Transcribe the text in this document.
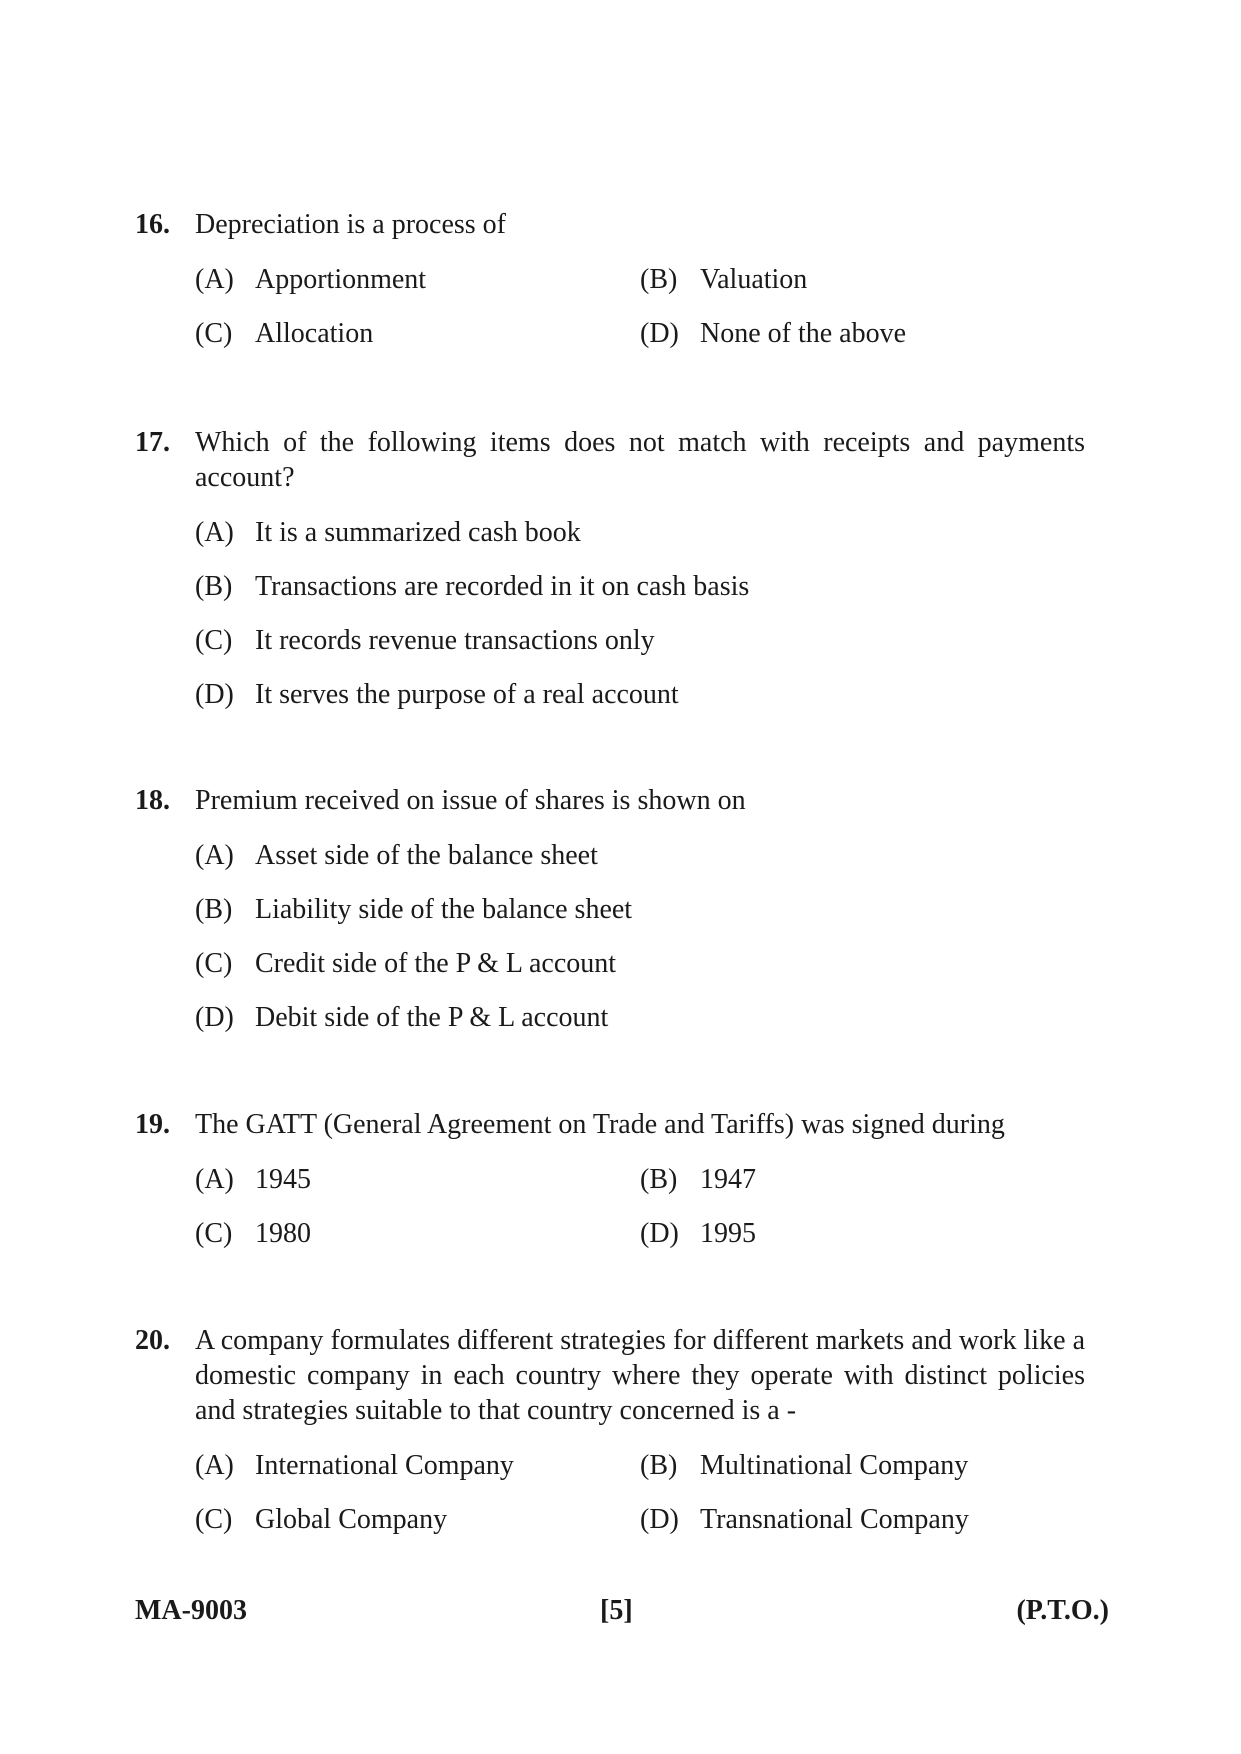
16. Depreciation is a process of
(A) Apportionment	(B) Valuation
(C) Allocation	(D) None of the above
17. Which of the following items does not match with receipts and payments account?
(A) It is a summarized cash book
(B) Transactions are recorded in it on cash basis
(C) It records revenue transactions only
(D) It serves the purpose of a real account
18. Premium received on issue of shares is shown on
(A) Asset side of the balance sheet
(B) Liability side of the balance sheet
(C) Credit side of the P & L account
(D) Debit side of the P & L account
19. The GATT (General Agreement on Trade and Tariffs) was signed during
(A) 1945	(B) 1947
(C) 1980	(D) 1995
20. A company formulates different strategies for different markets and work like a domestic company in each country where they operate with distinct policies and strategies suitable to that country concerned is a -
(A) International Company	(B) Multinational Company
(C) Global Company	(D) Transnational Company
MA-9003	[5]	(P.T.O.)
